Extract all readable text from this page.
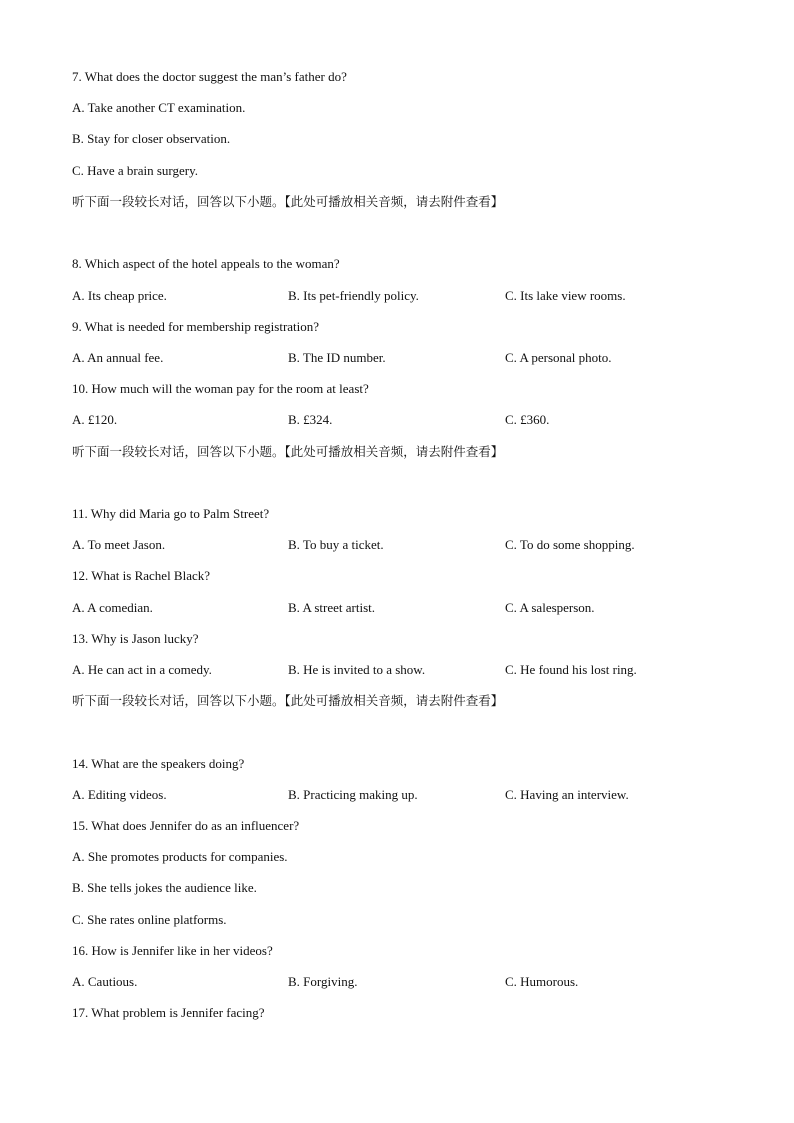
7. What does the doctor suggest the man’s father do?
A. Take another CT examination.
B. Stay for closer observation.
C. Have a brain surgery.
听下面一段较长对话，回答以下小题。【此处可播放相关音频，请去附件查看】
8. Which aspect of the hotel appeals to the woman?
A. Its cheap price.	B. Its pet-friendly policy.	C. Its lake view rooms.
9. What is needed for membership registration?
A. An annual fee.	B. The ID number.	C. A personal photo.
10. How much will the woman pay for the room at least?
A. £120.	B. £324.	C. £360.
听下面一段较长对话，回答以下小题。【此处可播放相关音频，请去附件查看】
11. Why did Maria go to Palm Street?
A. To meet Jason.	B. To buy a ticket.	C. To do some shopping.
12. What is Rachel Black?
A. A comedian.	B. A street artist.	C. A salesperson.
13. Why is Jason lucky?
A. He can act in a comedy.	B. He is invited to a show.	C. He found his lost ring.
听下面一段较长对话，回答以下小题。【此处可播放相关音频，请去附件查看】
14. What are the speakers doing?
A. Editing videos.	B. Practicing making up.	C. Having an interview.
15. What does Jennifer do as an influencer?
A. She promotes products for companies.
B. She tells jokes the audience like.
C. She rates online platforms.
16. How is Jennifer like in her videos?
A. Cautious.	B. Forgiving.	C. Humorous.
17. What problem is Jennifer facing?
